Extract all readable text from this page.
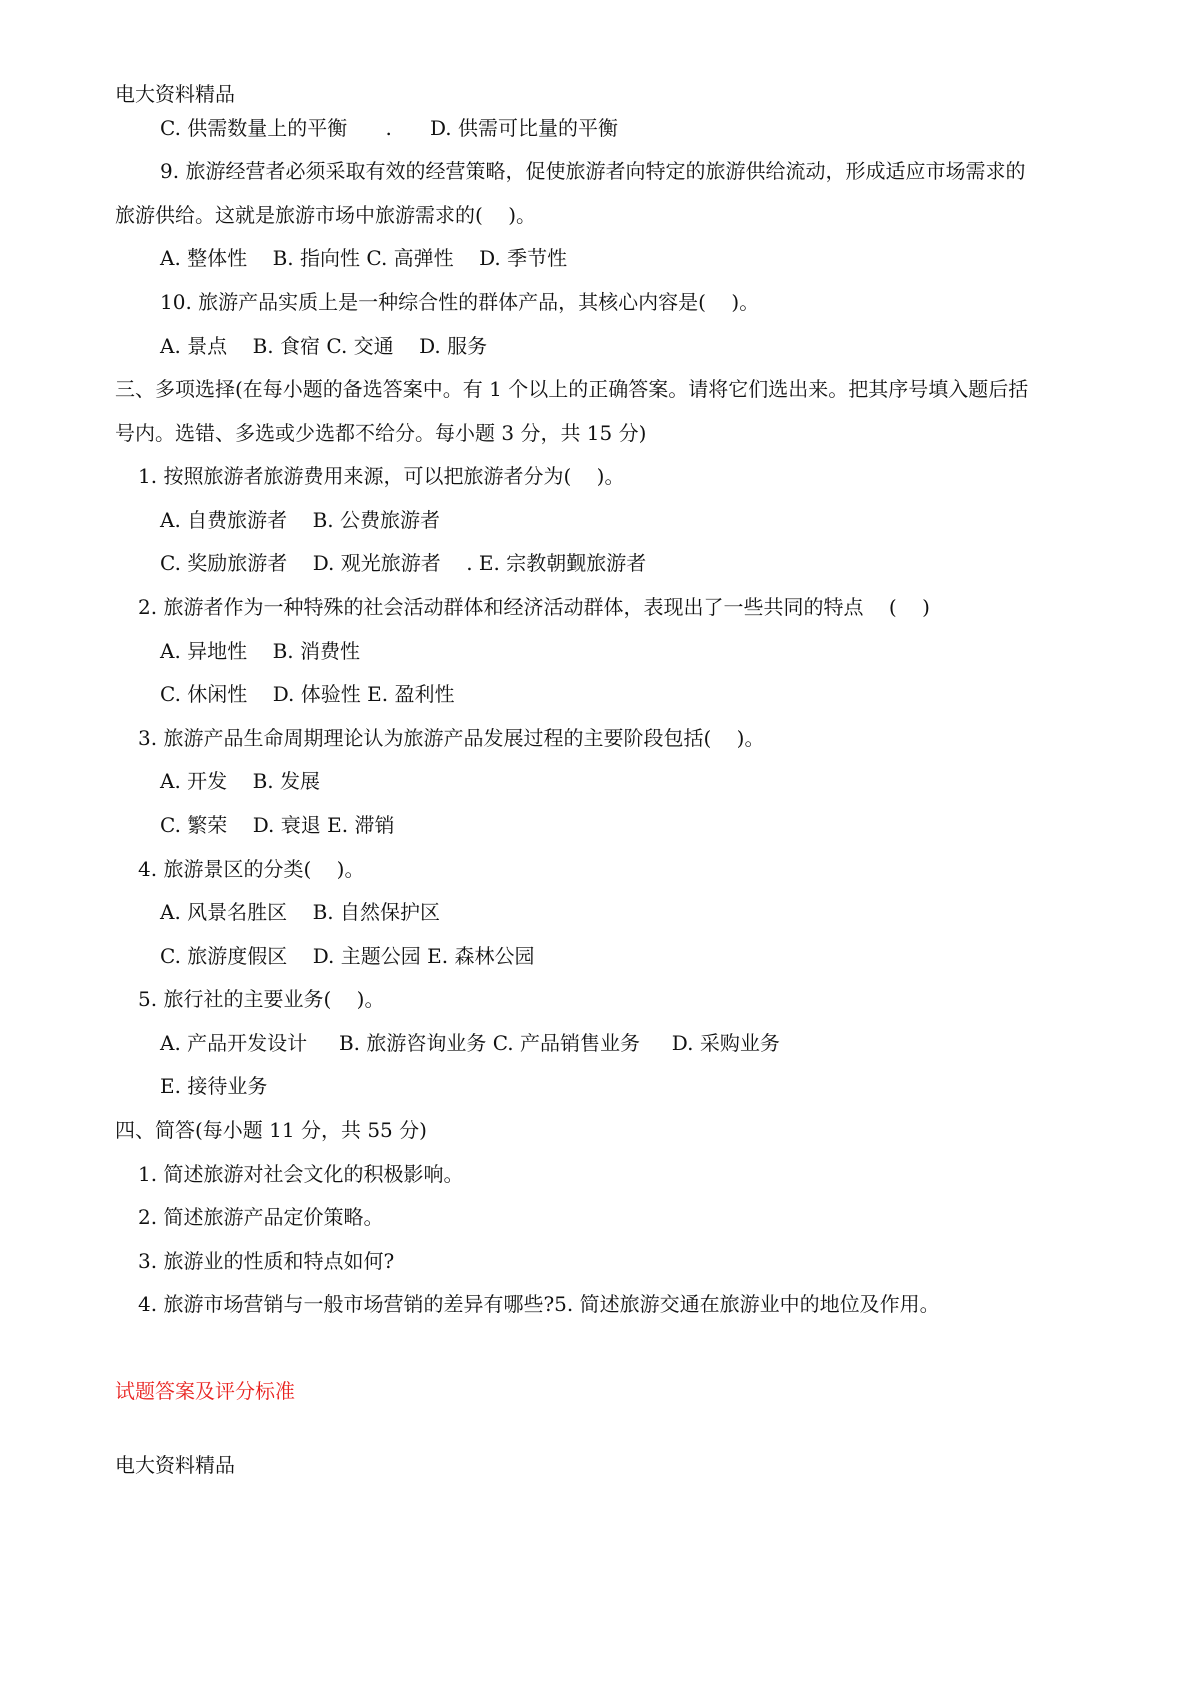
电大资料精品

C. 供需数量上的平衡      .      D. 供需可比量的平衡

9. 旅游经营者必须采取有效的经营策略，促使旅游者向特定的旅游供给流动，形成适应市场需求的

旅游供给。这就是旅游市场中旅游需求的(    )。

A. 整体性    B. 指向性 C. 高弹性    D. 季节性

10. 旅游产品实质上是一种综合性的群体产品，其核心内容是(    )。

A. 景点    B. 食宿 C. 交通    D. 服务

三、多项选择(在每小题的备选答案中。有 1 个以上的正确答案。请将它们选出来。把其序号填入题后括

号内。选错、多选或少选都不给分。每小题 3 分，共 15 分)

1. 按照旅游者旅游费用来源，可以把旅游者分为(    )。

A. 自费旅游者    B. 公费旅游者

C. 奖励旅游者    D. 观光旅游者    . E. 宗教朝觐旅游者

2. 旅游者作为一种特殊的社会活动群体和经济活动群体，表现出了一些共同的特点    (    )

A. 异地性    B. 消费性

C. 休闲性    D. 体验性 E. 盈利性

3. 旅游产品生命周期理论认为旅游产品发展过程的主要阶段包括(    )。

A. 开发    B. 发展

C. 繁荣    D. 衰退 E. 滞销

4. 旅游景区的分类(    )。

A. 风景名胜区    B. 自然保护区

C. 旅游度假区    D. 主题公园 E. 森林公园

5. 旅行社的主要业务(    )。

A. 产品开发设计     B. 旅游咨询业务 C. 产品销售业务     D. 采购业务

E. 接待业务

四、简答(每小题 11 分，共 55 分)

1. 简述旅游对社会文化的积极影响。

2. 简述旅游产品定价策略。

3. 旅游业的性质和特点如何?

4. 旅游市场营销与一般市场营销的差异有哪些?5. 简述旅游交通在旅游业中的地位及作用。

试题答案及评分标准

电大资料精品
